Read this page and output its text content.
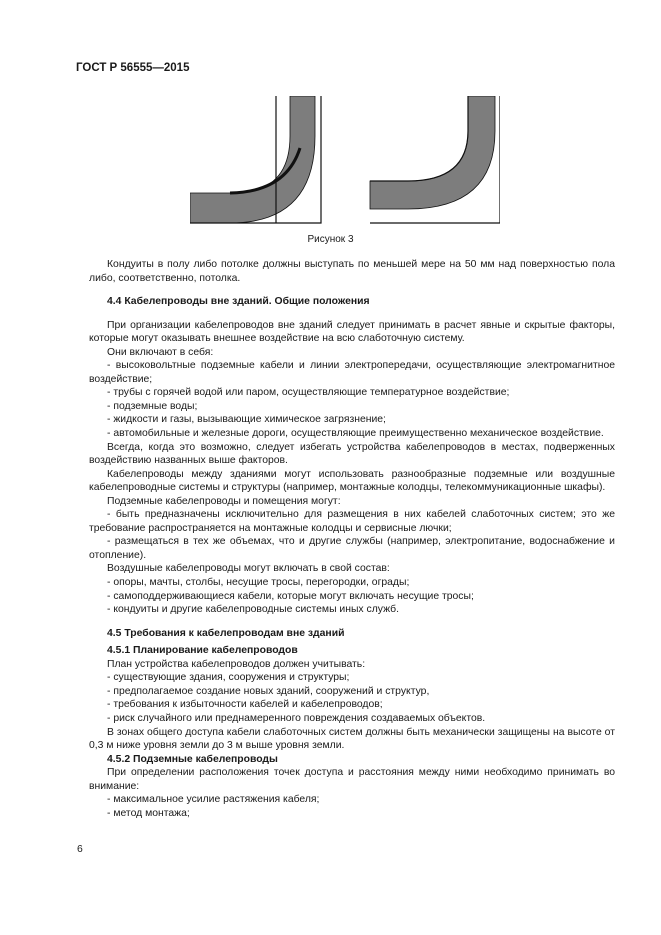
ГОСТ Р 56555—2015
Рисунок 3

Кондуиты в полу либо потолке должны выступать по меньшей мере на 50 мм над поверхностью пола либо, соответственно, потолка.

4.4 Кабелепроводы вне зданий. Общие положения

При организации кабелепроводов вне зданий следует принимать в расчет явные и скрытые факторы, которые могут оказывать внешнее воздействие на всю слаботочную систему.

Они включают в себя:

- высоковольтные подземные кабели и линии электропередачи, осуществляющие электромагнитное воздействие;

- трубы с горячей водой или паром, осуществляющие температурное воздействие;

- подземные воды;

- жидкости и газы, вызывающие химическое загрязнение;

- автомобильные и железные дороги, осуществляющие преимущественно механическое воздействие.

Всегда, когда это возможно, следует избегать устройства кабелепроводов в местах, подверженных воздействию названных выше факторов.

Кабелепроводы между зданиями могут использовать разнообразные подземные или воздушные кабелепроводные системы и структуры (например, монтажные колодцы, телекоммуникационные шкафы).

Подземные кабелепроводы и помещения могут:

- быть предназначены исключительно для размещения в них кабелей слаботочных систем; это же требование распространяется на монтажные колодцы и сервисные лючки;

- размещаться в тех же объемах, что и другие службы (например, электропитание, водоснабжение и отопление).

Воздушные кабелепроводы могут включать в свой состав:

- опоры, мачты, столбы, несущие тросы, перегородки, ограды;

- самоподдерживающиеся кабели, которые могут включать несущие тросы;

- кондуиты и другие кабелепроводные системы иных служб.

4.5 Требования к кабелепроводам вне зданий

4.5.1 Планирование кабелепроводов

План устройства кабелепроводов должен учитывать:

- существующие здания, сооружения и структуры;

- предполагаемое создание новых зданий, сооружений и структур,

- требования к избыточности кабелей и кабелепроводов;

- риск случайного или преднамеренного повреждения создаваемых объектов.

В зонах общего доступа кабели слаботочных систем должны быть механически защищены на высоте от 0,3 м ниже уровня земли до 3 м выше уровня земли.

4.5.2 Подземные кабелепроводы

При определении расположения точек доступа и расстояния между ними необходимо принимать во внимание:

- максимальное усилие растяжения кабеля;

- метод монтажа;

6
